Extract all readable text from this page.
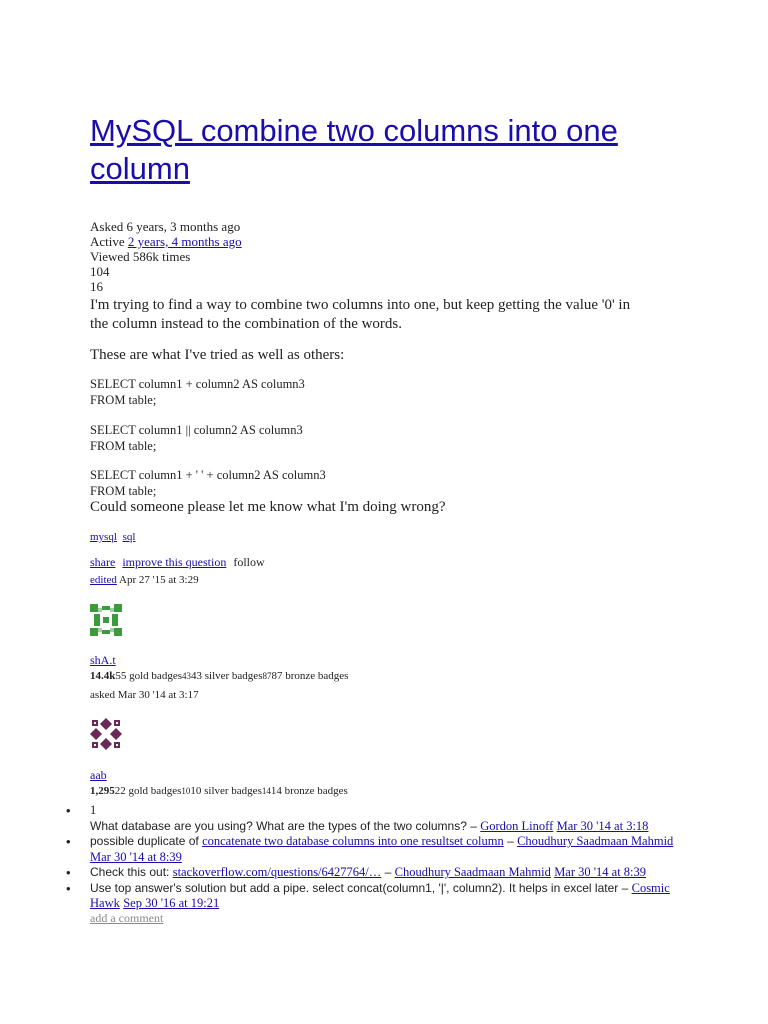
MySQL combine two columns into one column
Asked 6 years, 3 months ago
Active 2 years, 4 months ago
Viewed 586k times
104
16
I'm trying to find a way to combine two columns into one, but keep getting the value '0' in the column instead to the combination of the words.
These are what I've tried as well as others:
SELECT column1 + column2 AS column3
FROM table;
SELECT column1 || column2 AS column3
FROM table;
SELECT column1 + ' ' + column2 AS column3
FROM table;
Could someone please let me know what I'm doing wrong?
mysql sql
share improve this question follow
edited Apr 27 '15 at 3:29
shA.t
14.4k55 gold badges4343 silver badges8787 bronze badges
asked Mar 30 '14 at 3:17
aab
1,29522 gold badges1010 silver badges1414 bronze badges
• 1
What database are you using? What are the types of the two columns? – Gordon Linoff Mar 30 '14 at 3:18
• possible duplicate of concatenate two database columns into one resultset column – Choudhury Saadmaan Mahmid Mar 30 '14 at 8:39
• Check this out: stackoverflow.com/questions/6427764/… – Choudhury Saadmaan Mahmid Mar 30 '14 at 8:39
• Use top answer's solution but add a pipe. select concat(column1, '|', column2). It helps in excel later – Cosmic Hawk Sep 30 '16 at 19:21
add a comment
